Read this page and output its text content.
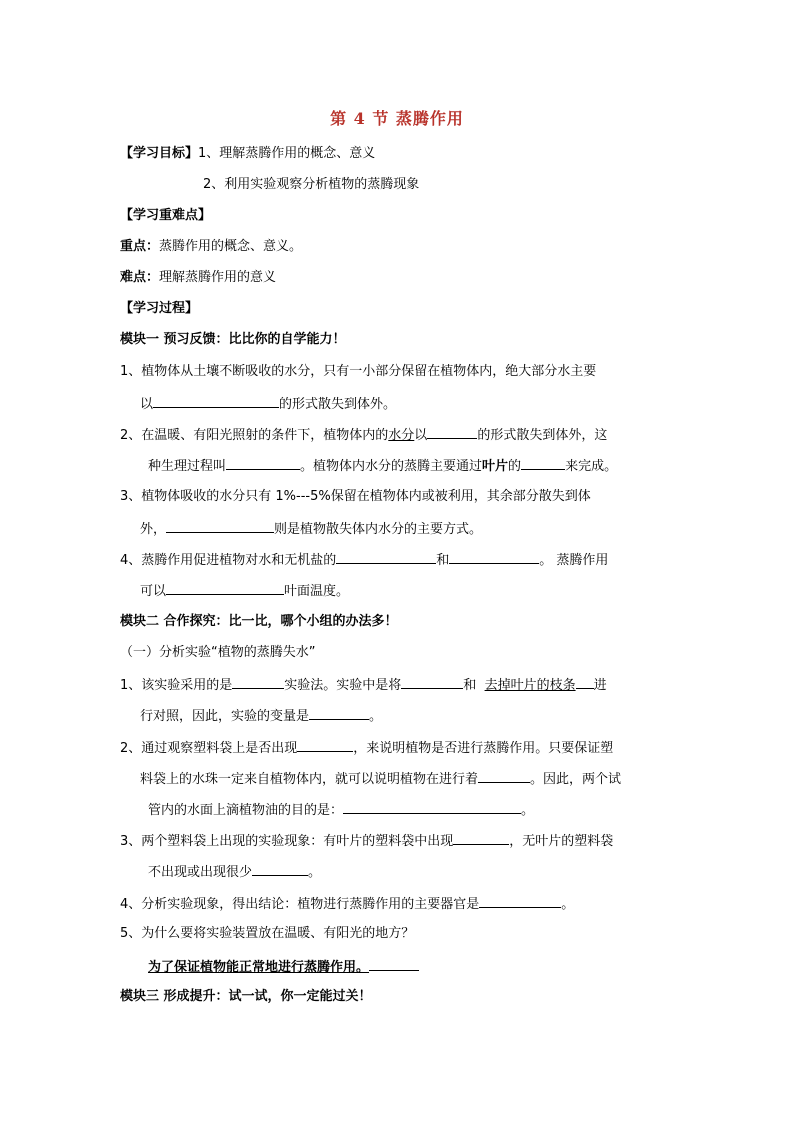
第 4 节 蒸腾作用
【学习目标】1、理解蒸腾作用的概念、意义
2、利用实验观察分析植物的蒸腾现象
【学习重难点】
重点：蒸腾作用的概念、意义。
难点：理解蒸腾作用的意义
【学习过程】
模块一 预习反馈：比比你的自学能力！
1、植物体从土壤不断吸收的水分，只有一小部分保留在植物体内，绝大部分水主要
以	的形式散失到体外。
2、在温暖、有阳光照射的条件下，植物体内的水分以	的形式散失到体外，这
种生理过程叫	。植物体内水分的蒸腾主要通过叶片的	来完成。
3、植物体吸收的水分只有 1%---5%保留在植物体内或被利用，其余部分散失到体
外，	则是植物散失体内水分的主要方式。
4、蒸腾作用促进植物对水和无机盐的	和	。 蒸腾作用
可以	叶面温度。
模块二 合作探究：比一比，哪个小组的办法多！
（一）分析实验“植物的蒸腾失水”
1、该实验采用的是	实验法。实验中是将	和 去掉叶片的枝条 进
行对照，因此，实验的变量是	。
2、通过观察塑料袋上是否出现	，来说明植物是否进行蒸腾作用。只要保证塑
料袋上的水珠一定来自植物体内，就可以说明植物在进行着	。因此，两个试
管内的水面上滴植物油的目的是：	。
3、两个塑料袋上出现的实验现象：有叶片的塑料袋中出现	，无叶片的塑料袋
不出现或出现很少	。
4、分析实验现象，得出结论：植物进行蒸腾作用的主要器官是	。
5、为什么要将实验装置放在温暖、有阳光的地方？
为了保证植物能正常地进行蒸腾作用。
模块三 形成提升：试一试，你一定能过关！
